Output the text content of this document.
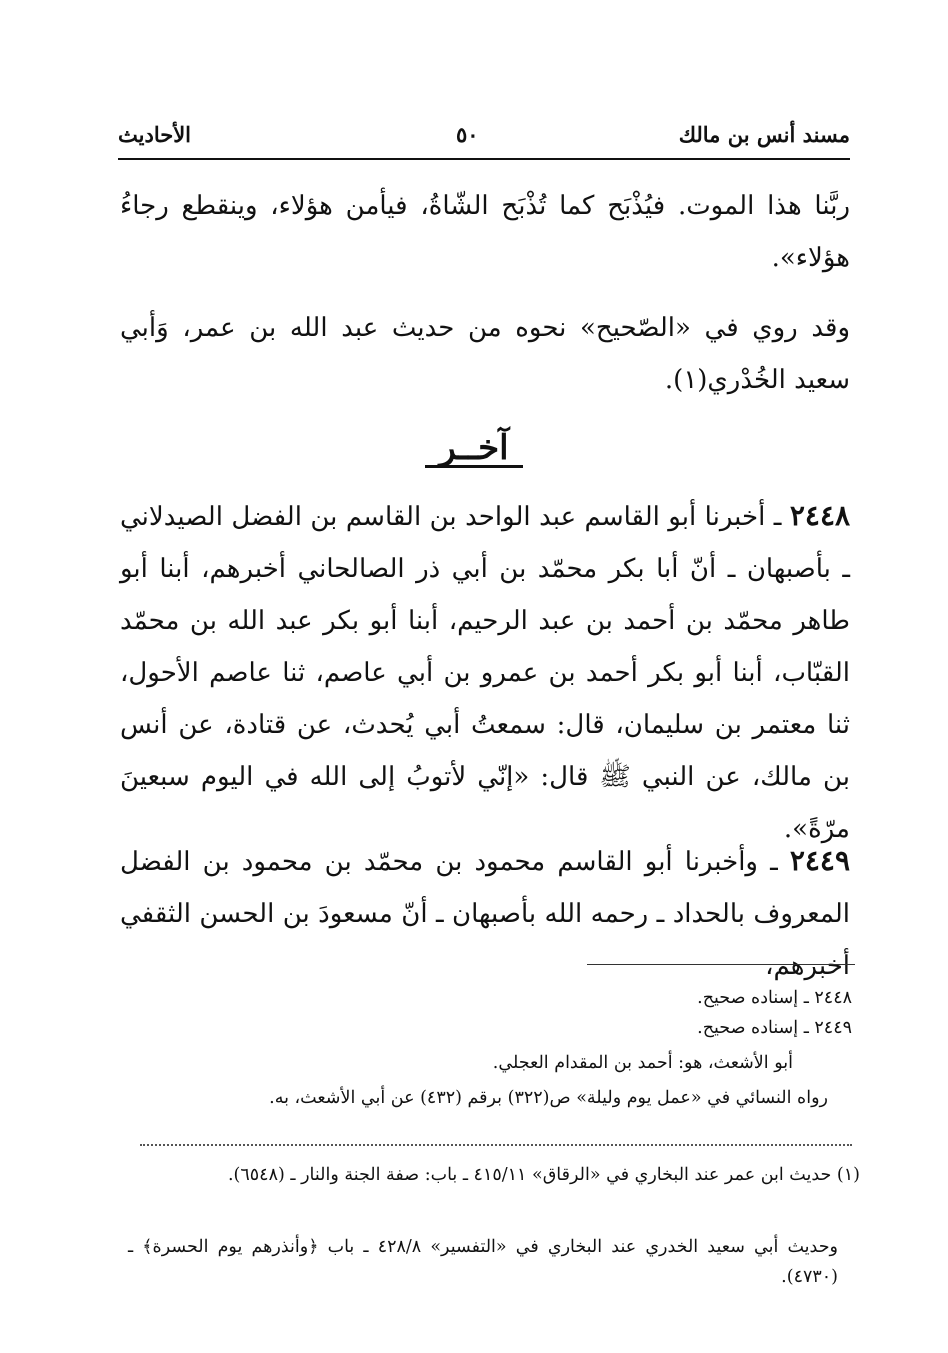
مسند أنس بن مالك
٥٠
الأحاديث
ربَّنا هذا الموت. فيُذْبَح كما تُذْبَح الشّاةُ، فيأمن هؤلاء، وينقطع رجاءُ هؤلاء».
وقد روي في «الصّحيح» نحوه من حديث عبد الله بن عمر، وَأبي سعيد الخُدْري(١).
آخــر
٢٤٤٨ ـ أخبرنا أبو القاسم عبد الواحد بن القاسم بن الفضل الصيدلاني ـ بأصبهان ـ أنّ أبا بكر محمّد بن أبي ذر الصالحاني أخبرهم، أبنا أبو طاهر محمّد بن أحمد بن عبد الرحيم، أبنا أبو بكر عبد الله بن محمّد القبّاب، أبنا أبو بكر أحمد بن عمرو بن أبي عاصم، ثنا عاصم الأحول، ثنا معتمر بن سليمان، قال: سمعتُ أبي يُحدث، عن قتادة، عن أنس بن مالك، عن النبي ﷺ قال: «إنّي لأتوبُ إلى الله في اليوم سبعينَ مرّةً».
٢٤٤٩ ـ وأخبرنا أبو القاسم محمود بن محمّد بن محمود بن الفضل المعروف بالحداد ـ رحمه الله بأصبهان ـ أنّ مسعودَ بن الحسن الثقفي أخبرهم،
٢٤٤٨ ـ إسناده صحيح.
٢٤٤٩ ـ إسناده صحيح.
أبو الأشعث، هو: أحمد بن المقدام العجلي.
رواه النسائي في «عمل يوم وليلة» ص(٣٢٢) برقم (٤٣٢) عن أبي الأشعث، به.
(١) حديث ابن عمر عند البخاري في «الرقاق» ٤١٥/١١ ـ باب: صفة الجنة والنار ـ (٦٥٤٨).
وحديث أبي سعيد الخدري عند البخاري في «التفسير» ٤٢٨/٨ ـ باب ﴿وأنذرهم يوم الحسرة﴾ ـ (٤٧٣٠).
